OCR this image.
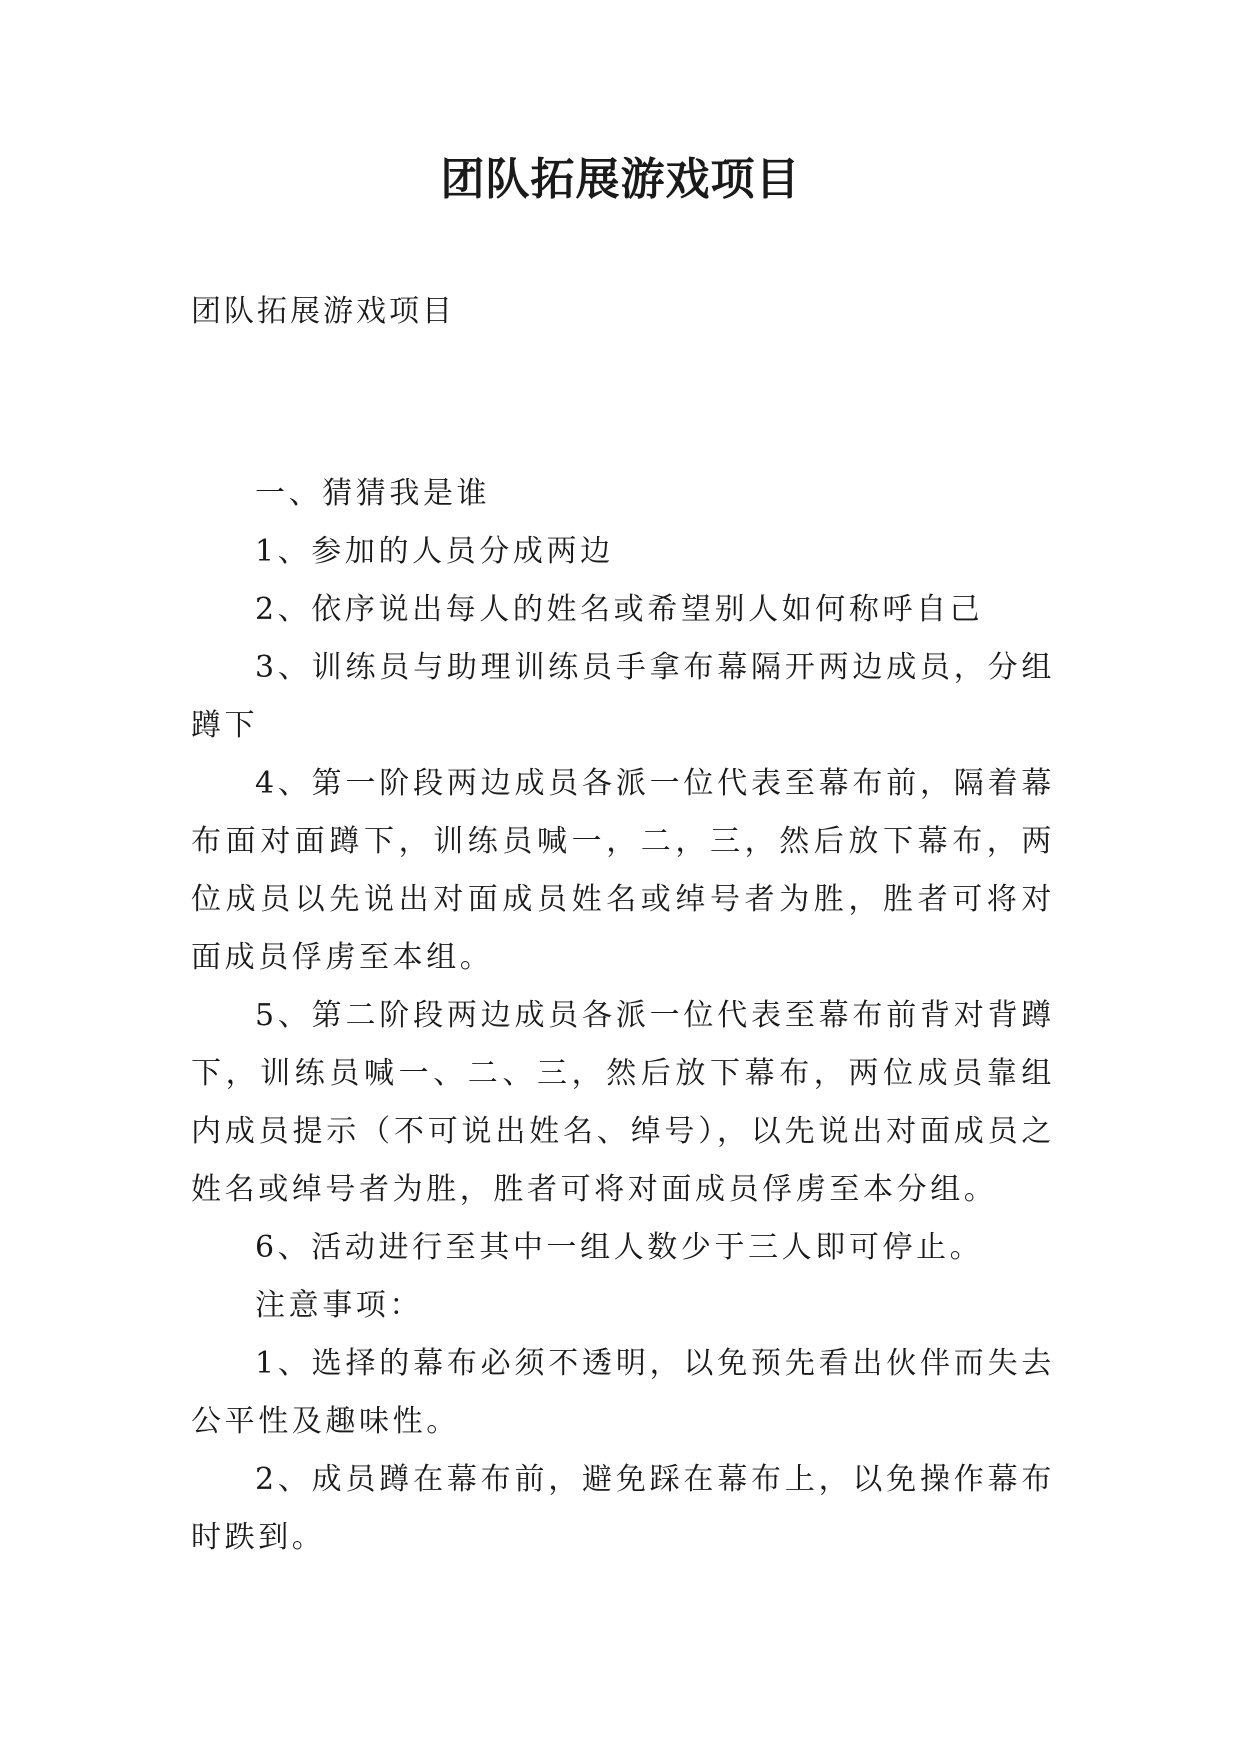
团队拓展游戏项目
团队拓展游戏项目

一、猜猜我是谁

1、参加的人员分成两边

2、依序说出每人的姓名或希望别人如何称呼自己

3、训练员与助理训练员手拿布幕隔开两边成员，分组蹲下

4、第一阶段两边成员各派一位代表至幕布前，隔着幕布面对面蹲下，训练员喊一，二，三，然后放下幕布，两位成员以先说出对面成员姓名或绰号者为胜，胜者可将对面成员俘虏至本组。

5、第二阶段两边成员各派一位代表至幕布前背对背蹲下，训练员喊一、二、三，然后放下幕布，两位成员靠组内成员提示（不可说出姓名、绰号），以先说出对面成员之姓名或绰号者为胜，胜者可将对面成员俘虏至本分组。

6、活动进行至其中一组人数少于三人即可停止。

注意事项：

1、选择的幕布必须不透明，以免预先看出伙伴而失去公平性及趣味性。

2、成员蹲在幕布前，避免踩在幕布上，以免操作幕布时跌到。
